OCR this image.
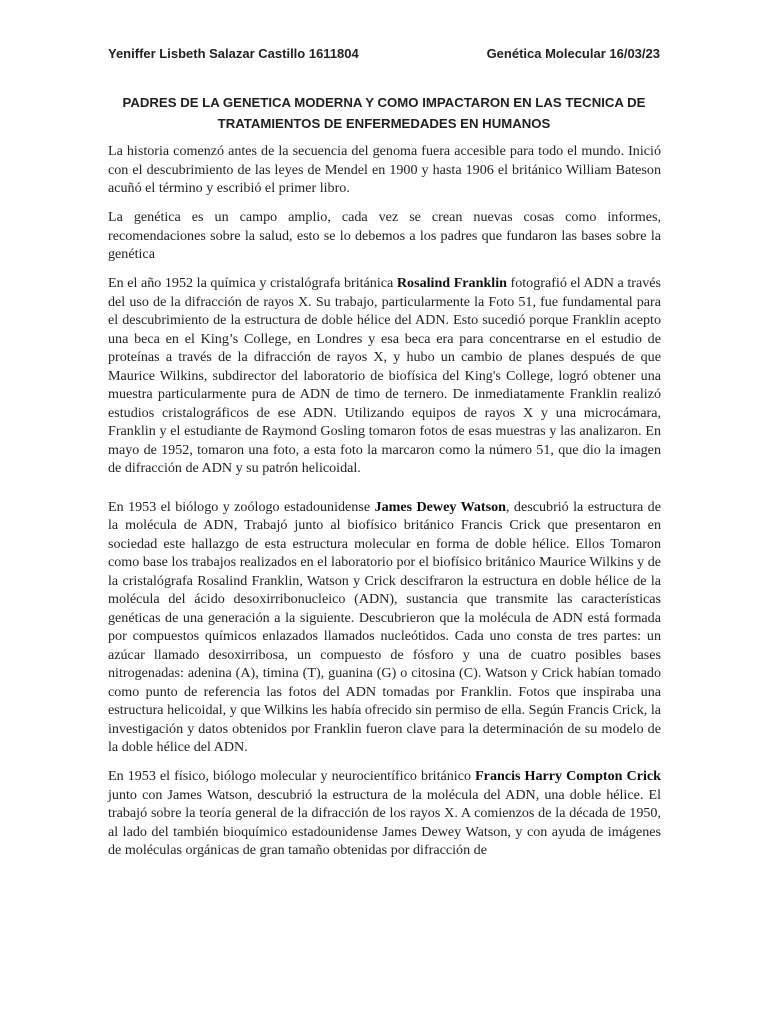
Yeniffer Lisbeth Salazar Castillo 1611804	Genética Molecular 16/03/23
PADRES DE LA GENETICA MODERNA Y COMO IMPACTARON EN LAS TECNICA DE TRATAMIENTOS DE ENFERMEDADES EN HUMANOS

La historia comenzó antes de la secuencia del genoma fuera accesible para todo el mundo. Inició con el descubrimiento de las leyes de Mendel en 1900 y hasta 1906 el británico William Bateson acuñó el término y escribió el primer libro.

La genética es un campo amplio, cada vez se crean nuevas cosas como informes, recomendaciones sobre la salud, esto se lo debemos a los padres que fundaron las bases sobre la genética

En el año 1952 la química y cristalógrafa británica Rosalind Franklin fotografió el ADN a través del uso de la difracción de rayos X. Su trabajo, particularmente la Foto 51, fue fundamental para el descubrimiento de la estructura de doble hélice del ADN. Esto sucedió porque Franklin acepto una beca en el King’s College, en Londres y esa beca era para concentrarse en el estudio de proteínas a través de la difracción de rayos X, y hubo un cambio de planes después de que Maurice Wilkins, subdirector del laboratorio de biofísica del King's College, logró obtener una muestra particularmente pura de ADN de timo de ternero. De inmediatamente Franklin realizó estudios cristalográficos de ese ADN. Utilizando equipos de rayos X y una microcámara, Franklin y el estudiante de Raymond Gosling tomaron fotos de esas muestras y las analizaron. En mayo de 1952, tomaron una foto, a esta foto la marcaron como la número 51, que dio la imagen de difracción de ADN y su patrón helicoidal.

En 1953 el biólogo y zoólogo estadounidense James Dewey Watson, descubrió la estructura de la molécula de ADN, Trabajó junto al biofísico británico Francis Crick que presentaron en sociedad este hallazgo de esta estructura molecular en forma de doble hélice. Ellos Tomaron como base los trabajos realizados en el laboratorio por el biofísico británico Maurice Wilkins y de la cristalógrafa Rosalind Franklin, Watson y Crick descifraron la estructura en doble hélice de la molécula del ácido desoxirribonucleico (ADN), sustancia que transmite las características genéticas de una generación a la siguiente. Descubrieron que la molécula de ADN está formada por compuestos químicos enlazados llamados nucleótidos. Cada uno consta de tres partes: un azúcar llamado desoxirribosa, un compuesto de fósforo y una de cuatro posibles bases nitrogenadas: adenina (A), timina (T), guanina (G) o citosina (C). Watson y Crick habían tomado como punto de referencia las fotos del ADN tomadas por Franklin. Fotos que inspiraba una estructura helicoidal, y que Wilkins les había ofrecido sin permiso de ella. Según Francis Crick, la investigación y datos obtenidos por Franklin fueron clave para la determinación de su modelo de la doble hélice del ADN.

En 1953 el físico, biólogo molecular y neurocientífico británico Francis Harry Compton Crick junto con James Watson, descubrió la estructura de la molécula del ADN, una doble hélice. El trabajó sobre la teoría general de la difracción de los rayos X. A comienzos de la década de 1950, al lado del también bioquímico estadounidense James Dewey Watson, y con ayuda de imágenes de moléculas orgánicas de gran tamaño obtenidas por difracción de
